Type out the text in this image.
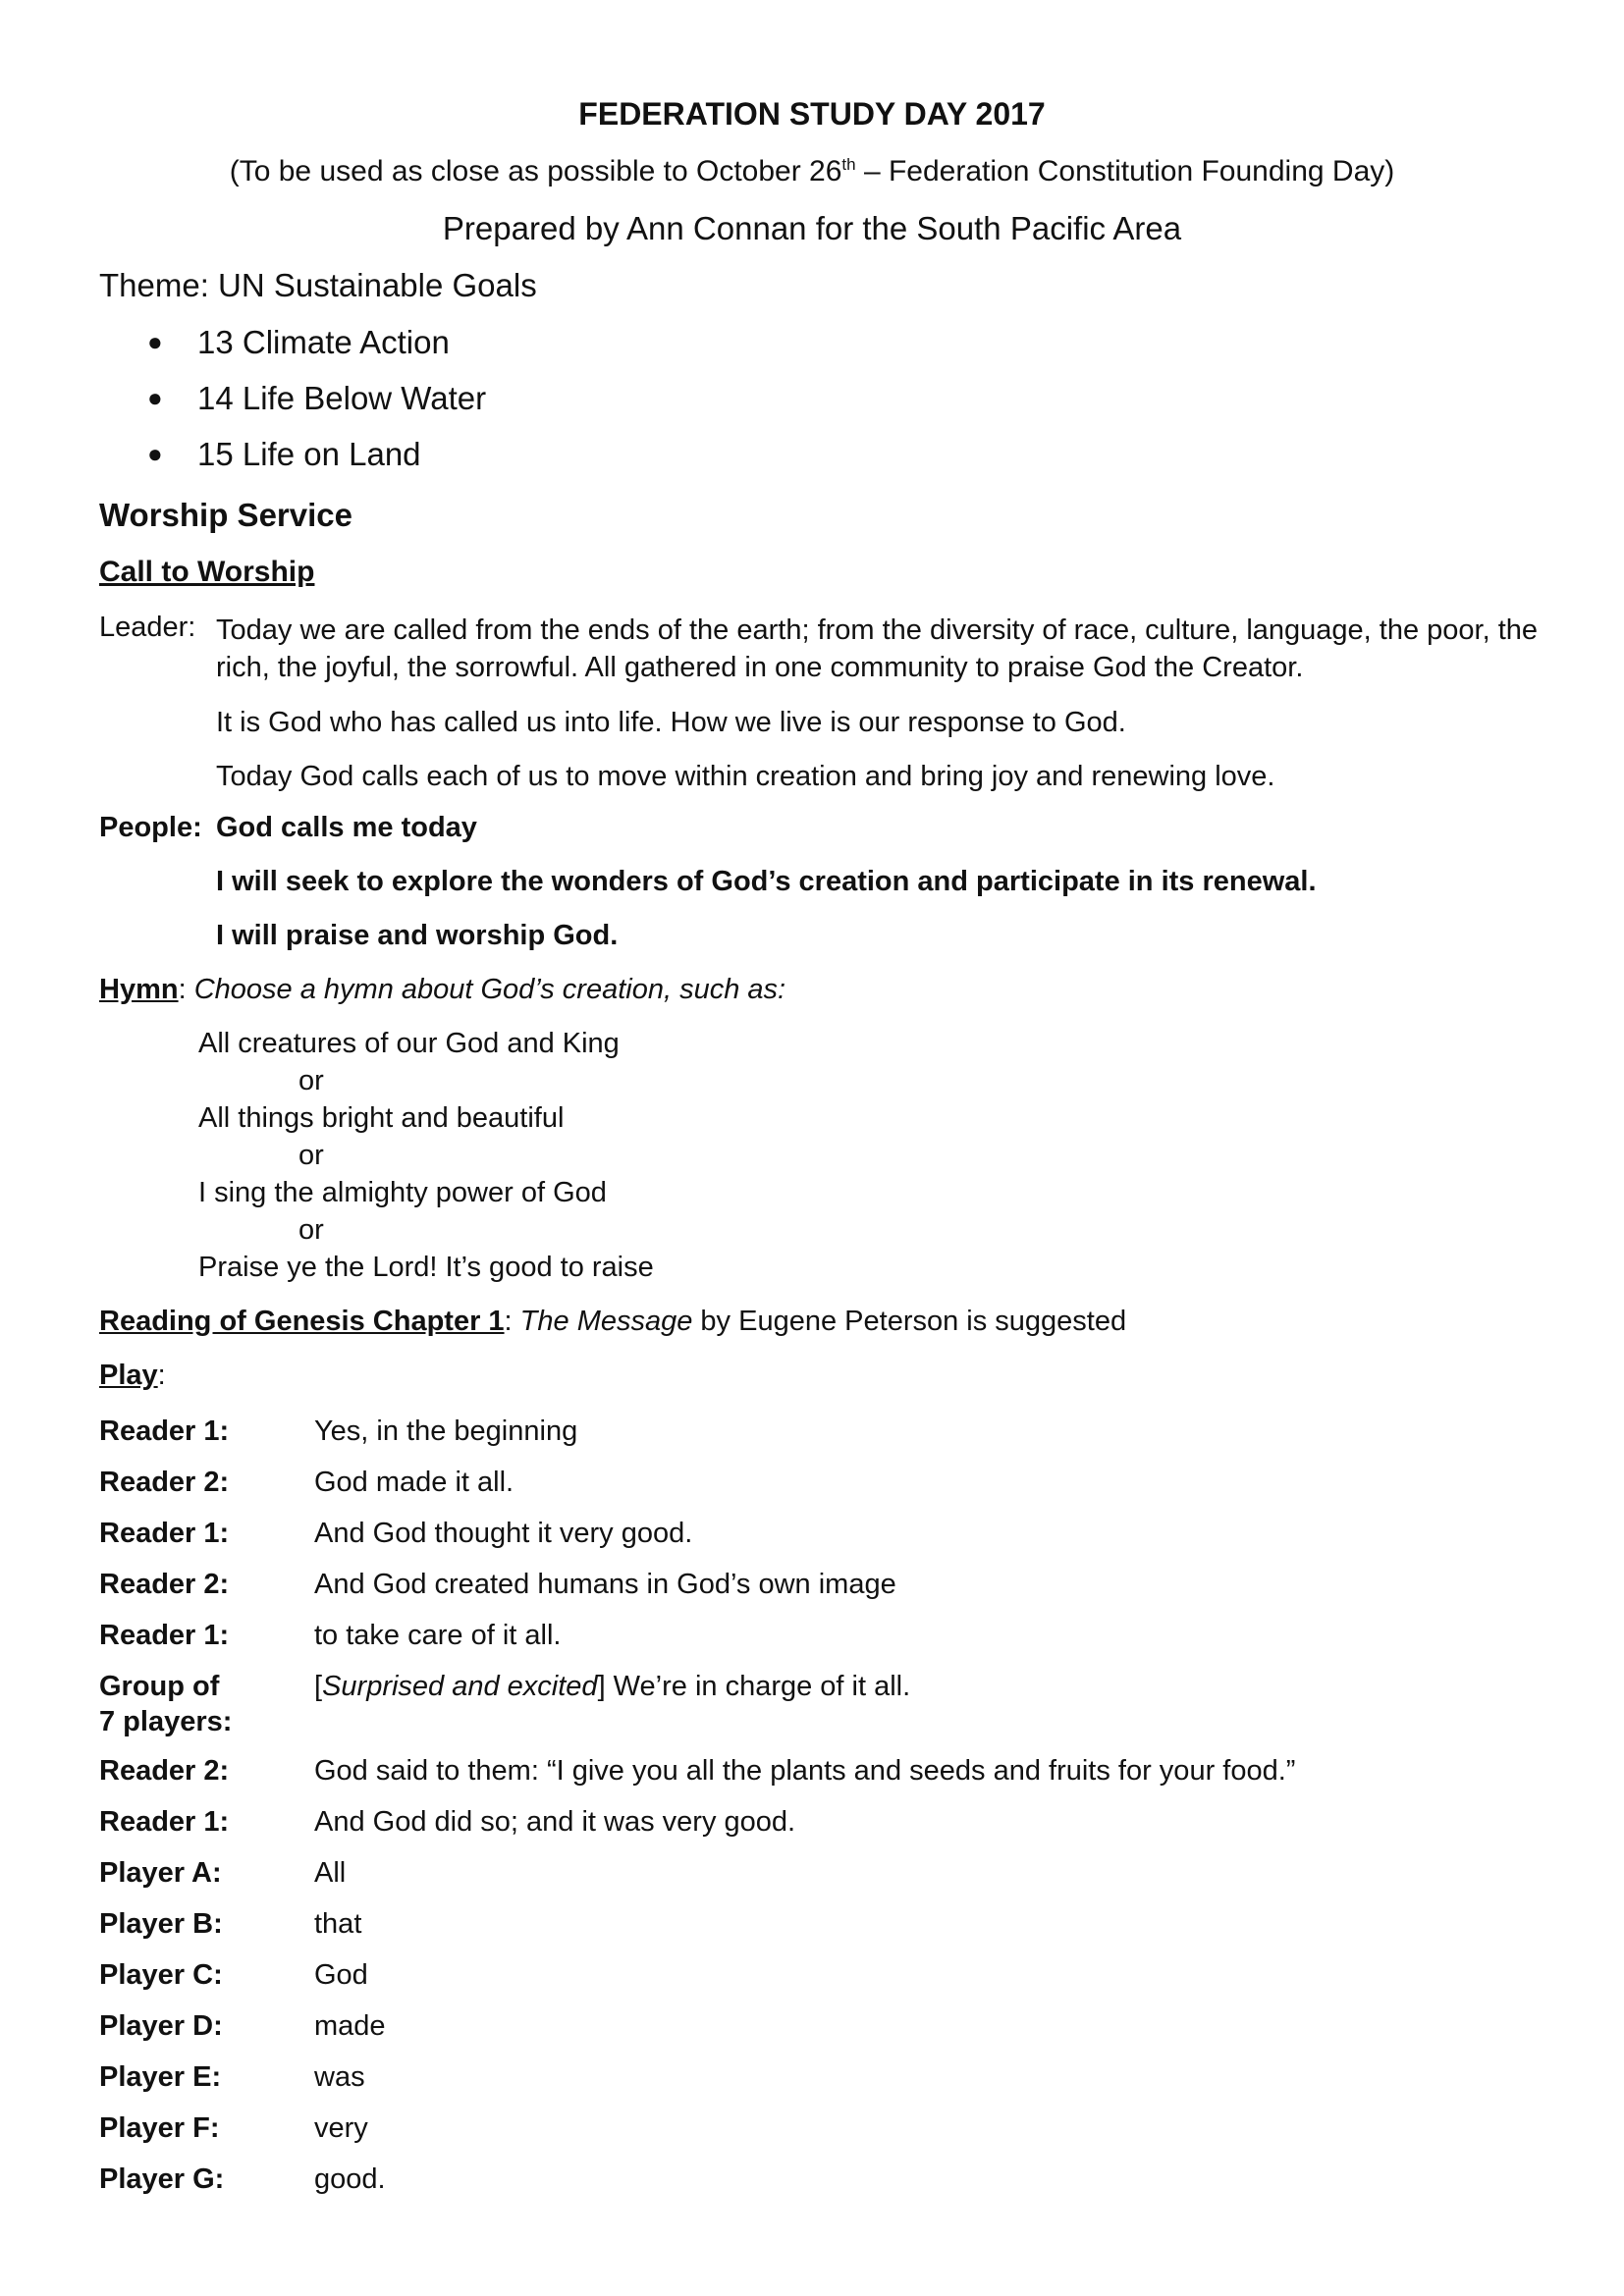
FEDERATION STUDY DAY 2017
(To be used as close as possible to October 26th – Federation Constitution Founding Day)
Prepared by Ann Connan for the South Pacific Area
Theme: UN Sustainable Goals
● 13 Climate Action
● 14 Life Below Water
● 15 Life on Land
Worship Service
Call to Worship
Leader: Today we are called from the ends of the earth; from the diversity of race, culture, language, the poor, the rich, the joyful, the sorrowful. All gathered in one community to praise God the Creator.
It is God who has called us into life. How we live is our response to God.
Today God calls each of us to move within creation and bring joy and renewing love.
People: God calls me today
I will seek to explore the wonders of God’s creation and participate in its renewal.
I will praise and worship God.
Hymn: Choose a hymn about God’s creation, such as:
All creatures of our God and King
or
All things bright and beautiful
or
I sing the almighty power of God
or
Praise ye the Lord! It’s good to raise
Reading of Genesis Chapter 1: The Message by Eugene Peterson is suggested
Play:
Reader 1:	Yes, in the beginning
Reader 2:	God made it all.
Reader 1:	And God thought it very good.
Reader 2:	And God created humans in God’s own image
Reader 1:	to take care of it all.
Group of
7 players:
[Surprised and excited] We’re in charge of it all.
Reader 2:	God said to them: “I give you all the plants and seeds and fruits for your food.”
Reader 1:	And God did so; and it was very good.
Player A:	All
Player B:	that
Player C:	God
Player D:	made
Player E:	was
Player F:	very
Player G:	good.
